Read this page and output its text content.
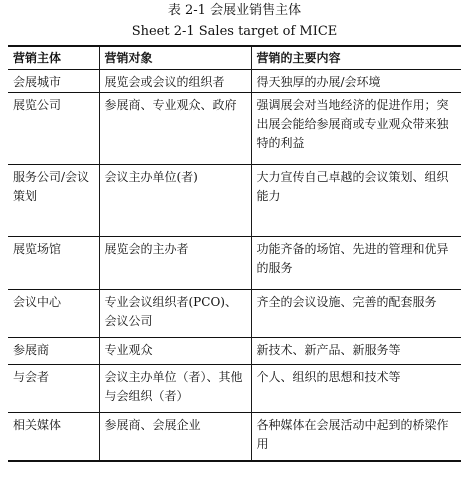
表 2-1 会展业销售主体
Sheet 2-1 Sales target of MICE
营销主体	营销对象	营销的主要内容
会展城市	展览会或会议的组织者	得天独厚的办展/会环境
展览公司	参展商、专业观众、政府	强调展会对当地经济的促进作用；突出展会能给参展商或专业观众带来独特的利益
服务公司/会议策划	会议主办单位(者)	大力宣传自己卓越的会议策划、组织能力
展览场馆	展览会的主办者	功能齐备的场馆、先进的管理和优异的服务
会议中心	专业会议组织者(PCO)、会议公司	齐全的会议设施、完善的配套服务
参展商	专业观众	新技术、新产品、新服务等
与会者	会议主办单位（者）、其他与会组织（者）	个人、组织的思想和技术等
相关媒体	参展商、会展企业	各种媒体在会展活动中起到的桥梁作用
